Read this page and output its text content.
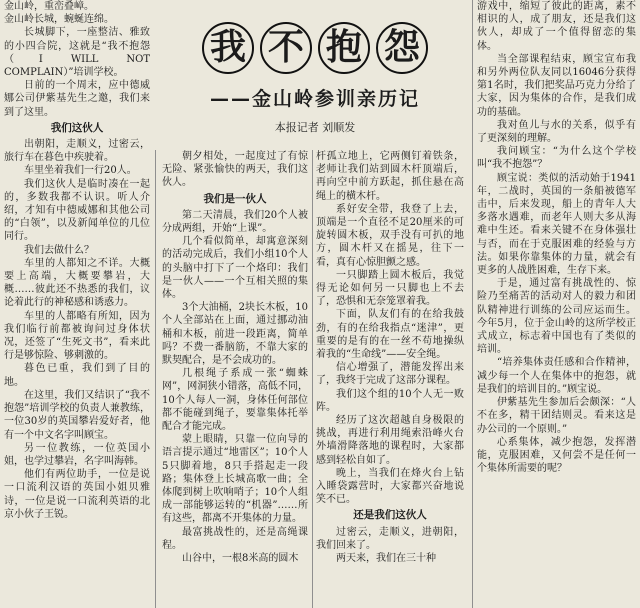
金山岭，重峦叠嶂。

金山岭长城，蜿蜒连绵。

长城脚下，一座整洁、雅致的小四合院，这就是“我不抱怨（I WILL NOT COMPLAIN）”培训学校。

日前的一个周末，应中德威娜公司伊紫基先生之邀，我们来到了这里。

我们这伙人

出朝阳，走顺义，过密云，旅行车在暮色中疾驶着。

车里坐着我们一行20人。

我们这伙人是临时凑在一起的，多数我都不认识。听人介绍，才知有中德威娜和其他公司的“白领”，以及新闻单位的几位同行。

我们去做什么？

车里的人都知之不详。大概要上高端，大概要攀岩，大概……彼此还不热悉的我们，议论着此行的神秘感和诱惑力。

车里的人都略有所知，因为我们临行前都被询问过身体状况，还签了“生死文书”，看来此行是够惊险、够刺激的。

暮色已重，我们到了目的地。

在这里，我们又结识了“我不抱怨”培训学校的负责人兼教练，一位30岁的英国攀岩爱好者，他有一个中文名字叫顾宝。

另一位教练，一位英国小姐，也学过攀岩，名字叫海韩。

他们有两位助手，一位是说一口流利汉语的英国小姐贝雅诗，一位是说一口流利英语的北京小伙子王锐。

我 不 抱 怨
——金山岭参训亲历记
本报记者 刘顺发

朝夕相处，一起度过了有惊无险、紧张愉快的两天，我们这伙人。

我们是一伙人

第二天清晨，我们20个人被分成两组，开始“上课”。

几个看似简单，却寓意深刻的活动完成后，我们小组10个人的头脑中打下了一个烙印：我们是一伙人——一个互相关照的集体。

3个大油桶，2块长木板，10个人全部站在上面，通过挪动油桶和木板，前进一段距离，简单吗？不费一番脑筋，不靠大家的默契配合，是不会成功的。

几根绳子系成一张“蜘蛛网”，网洞狭小错落，高低不同，10个人每人一洞，身体任何部位都不能碰到绳子，要靠集体托举配合才能完成。

蒙上眼睛，只靠一位向导的语言提示通过“地雷区”；10个人5只脚着地，8只手搭起走一段路；集体登上长城高歌一曲；全体爬到树上吹响哨子；10个人组成一部能够运转的“机器”……所有这些，都离不开集体的力量。

最富挑战性的，还是高绳课程。

山谷中，一根8米高的圆木

杆孤立地上，它两侧钉着铁条，老师让我们站到圆木杆顶端后，再向空中前方跃起，抓住悬在高绳上的横木杆。

系好安全带，我登了上去，顶端是一个直径不足20厘米的可旋转圆木板，双手没有可扒的地方，圆木杆又在摇晃，往下一看，真有心惊胆颤之感。

一只脚踏上圆木板后，我觉得无论如何另一只脚也上不去了，恐惧和无奈笼罩着我。

下面，队友们有的在给我鼓劲，有的在给我指点“迷津”，更重要的是有的在一丝不苟地操纵着我的“生命线”——安全绳。

信心增强了，潜能发挥出来了，我终于完成了这部分课程。

我们这个组的10个人无一败阵。

经历了这次超越自身极限的挑战，再进行利用绳索沿峰火台外墙滑降落地的课程时，大家都感到轻松自如了。

晚上，当我们在烽火台上钻入睡袋露营时，大家都兴奋地说笑不已。

还是我们这伙人

过密云，走顺义，进朝阳，我们回来了。

两天来，我们在三十种

游戏中，缩短了彼此的距离，素不相识的人，成了朋友，还是我们这伙人，却成了一个值得留恋的集体。

当全部课程结束，顾宝宣布我和另外两位队友同以16046分获得第1名时，我们把奖品巧克力分给了大家，因为集体的合作，是我们成功的基础。

我对鱼儿与水的关系，似乎有了更深刻的理解。

我问顾宝：“为什么这个学校叫“我不抱怨”？

顾宝说：类似的活动始于1941年，二战时，英国的一条船被德军击中，后来发现，船上的青年人大多落水遇难，而老年人则大多从海难中生还。看来关键不在身体强壮与否，而在于克服困难的经验与方法。如果你靠集体的力量，就会有更多的人战胜困难，生存下来。

于是，通过富有挑战性的、惊险乃至痛苦的活动对人的毅力和团队精神进行训练的公司应运而生。今年5月，位于金山岭的这所学校正式成立，标志着中国也有了类似的培训。

“培养集体责任感和合作精神，减少每一个人在集体中的抱怨，就是我们的培训目的。”顾宝说。

伊紫基先生参加后会颇深：“人不在多，精干团结则灵。看来这是办公司的一个原则。”

心系集体，减少抱怨，发挥潜能，克服困难，又何尝不是任何一个集体所需要的呢？
